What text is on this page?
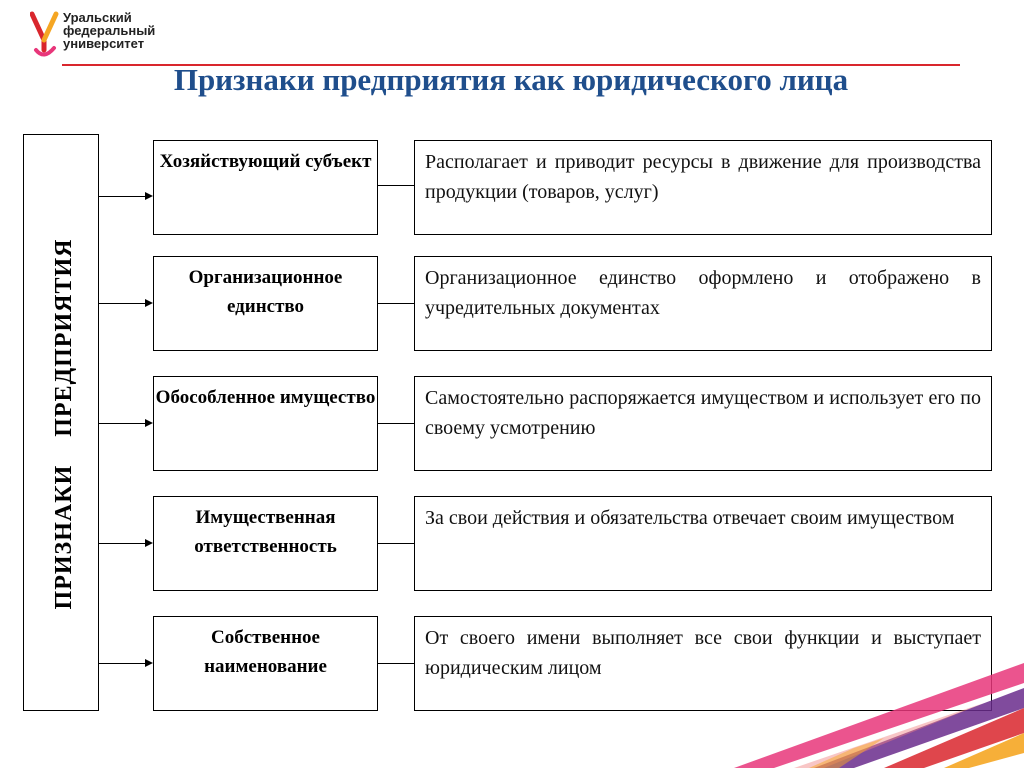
Уральский
федеральный
университет
Признаки предприятия как юридического лица
ПРИЗНАКИ    ПРЕДПРИЯТИЯ
Хозяйствующий субъект	Располагает и приводит ресурсы в движение для производства продукции (товаров, услуг)
Организационное единство
Организационное единство оформлено и отображено в учредительных документах
Обособленное имущество	Самостоятельно распоряжается имуществом и использует его по своему усмотрению
Имущественная ответственность
За свои действия и обязательства отвечает своим имуществом
Собственное наименование
От своего имени выполняет все свои функции и выступает юридическим лицом
